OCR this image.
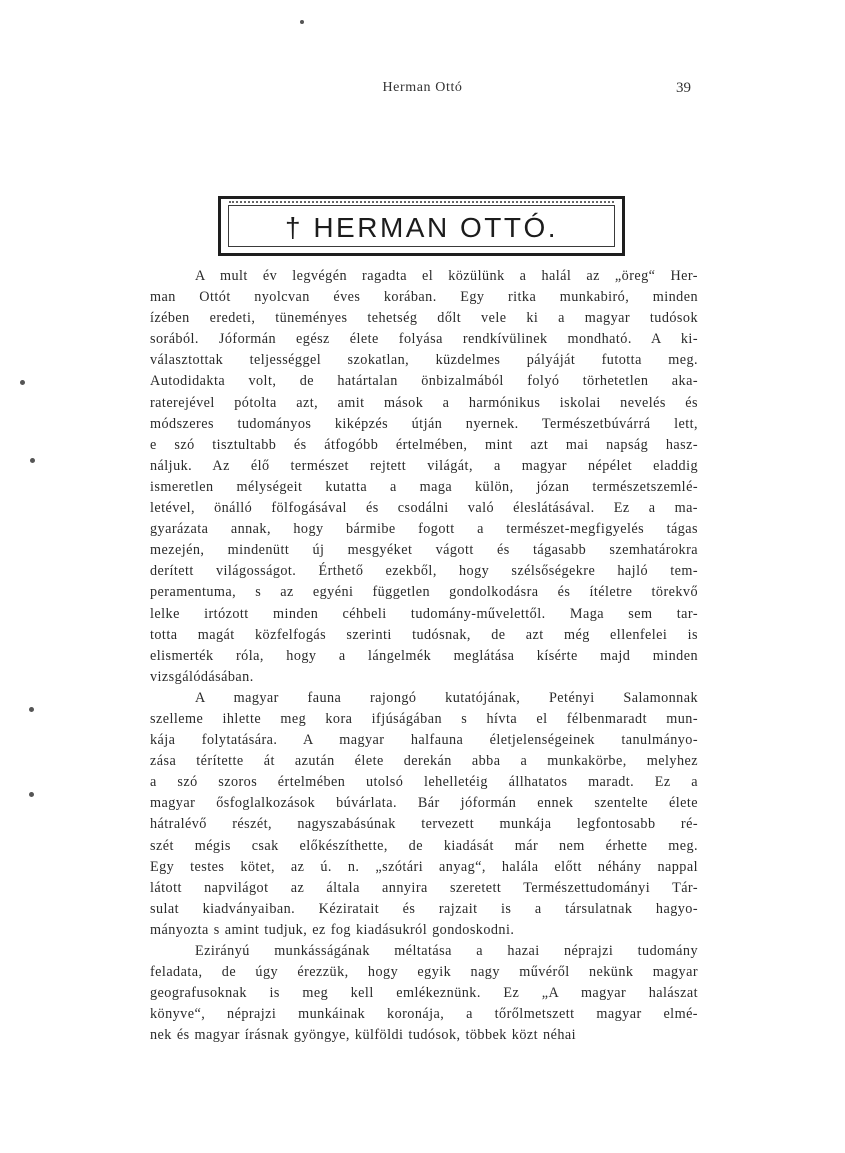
Herman Ottó	39
† HERMAN OTTÓ.
A mult év legvégén ragadta el közülünk a halál az „öreg“ Her-
man Ottót nyolcvan éves korában. Egy ritka munkabiró, minden
ízében eredeti, tüneményes tehetség dőlt vele ki a magyar tudósok
sorából. Jóformán egész élete folyása rendkívülinek mondható. A ki-
választottak teljességgel szokatlan, küzdelmes pályáját futotta meg.
Autodidakta volt, de határtalan önbizalmából folyó törhetetlen aka-
raterejével pótolta azt, amit mások a harmónikus iskolai nevelés és
módszeres tudományos kiképzés útján nyernek. Természetbúvárrá lett,
e szó tisztultabb és átfogóbb értelmében, mint azt mai napság hasz-
náljuk. Az élő természet rejtett világát, a magyar népélet eladdig
ismeretlen mélységeit kutatta a maga külön, józan természetszemlé-
letével, önálló fölfogásával és csodálni való éleslátásával. Ez a ma-
gyarázata annak, hogy bármibe fogott a természet-megfigyelés tágas
mezején, mindenütt új mesgyéket vágott és tágasabb szemhatárokra
derített világosságot. Érthető ezekből, hogy szélsőségekre hajló tem-
peramentuma, s az egyéni független gondolkodásra és ítéletre törekvő
lelke irtózott minden céhbeli tudomány-művelettől. Maga sem tar-
totta magát közfelfogás szerinti tudósnak, de azt még ellenfelei is
elismerték róla, hogy a lángelmék meglátása kísérte majd minden
vizsgálódásában.
A magyar fauna rajongó kutatójának, Petényi Salamonnak
szelleme ihlette meg kora ifjúságában s hívta el félbenmaradt mun-
kája folytatására. A magyar halfauna életjelenségeinek tanulmányo-
zása térítette át azután élete derekán abba a munkakörbe, melyhez
a szó szoros értelmében utolsó lehelletéig állhatatos maradt. Ez a
magyar ősfoglalkozások búvárlata. Bár jóformán ennek szentelte élete
hátralévő részét, nagyszabásúnak tervezett munkája legfontosabb ré-
szét mégis csak előkészíthette, de kiadását már nem érhette meg.
Egy testes kötet, az ú. n. „szótári anyag“, halála előtt néhány nappal
látott napvilágot az általa annyira szeretett Természettudományi Tár-
sulat kiadványaiban. Kéziratait és rajzait is a társulatnak hagyo-
mányozta s amint tudjuk, ez fog kiadásukról gondoskodni.
Ezirányú munkásságának méltatása a hazai néprajzi tudomány
feladata, de úgy érezzük, hogy egyik nagy művéről nekünk magyar
geografusoknak is meg kell emlékeznünk. Ez „A magyar halászat
könyve“, néprajzi munkáinak koronája, a tőrőlmetszett magyar elmé-
nek és magyar írásnak gyöngye, külföldi tudósok, többek közt néhai
